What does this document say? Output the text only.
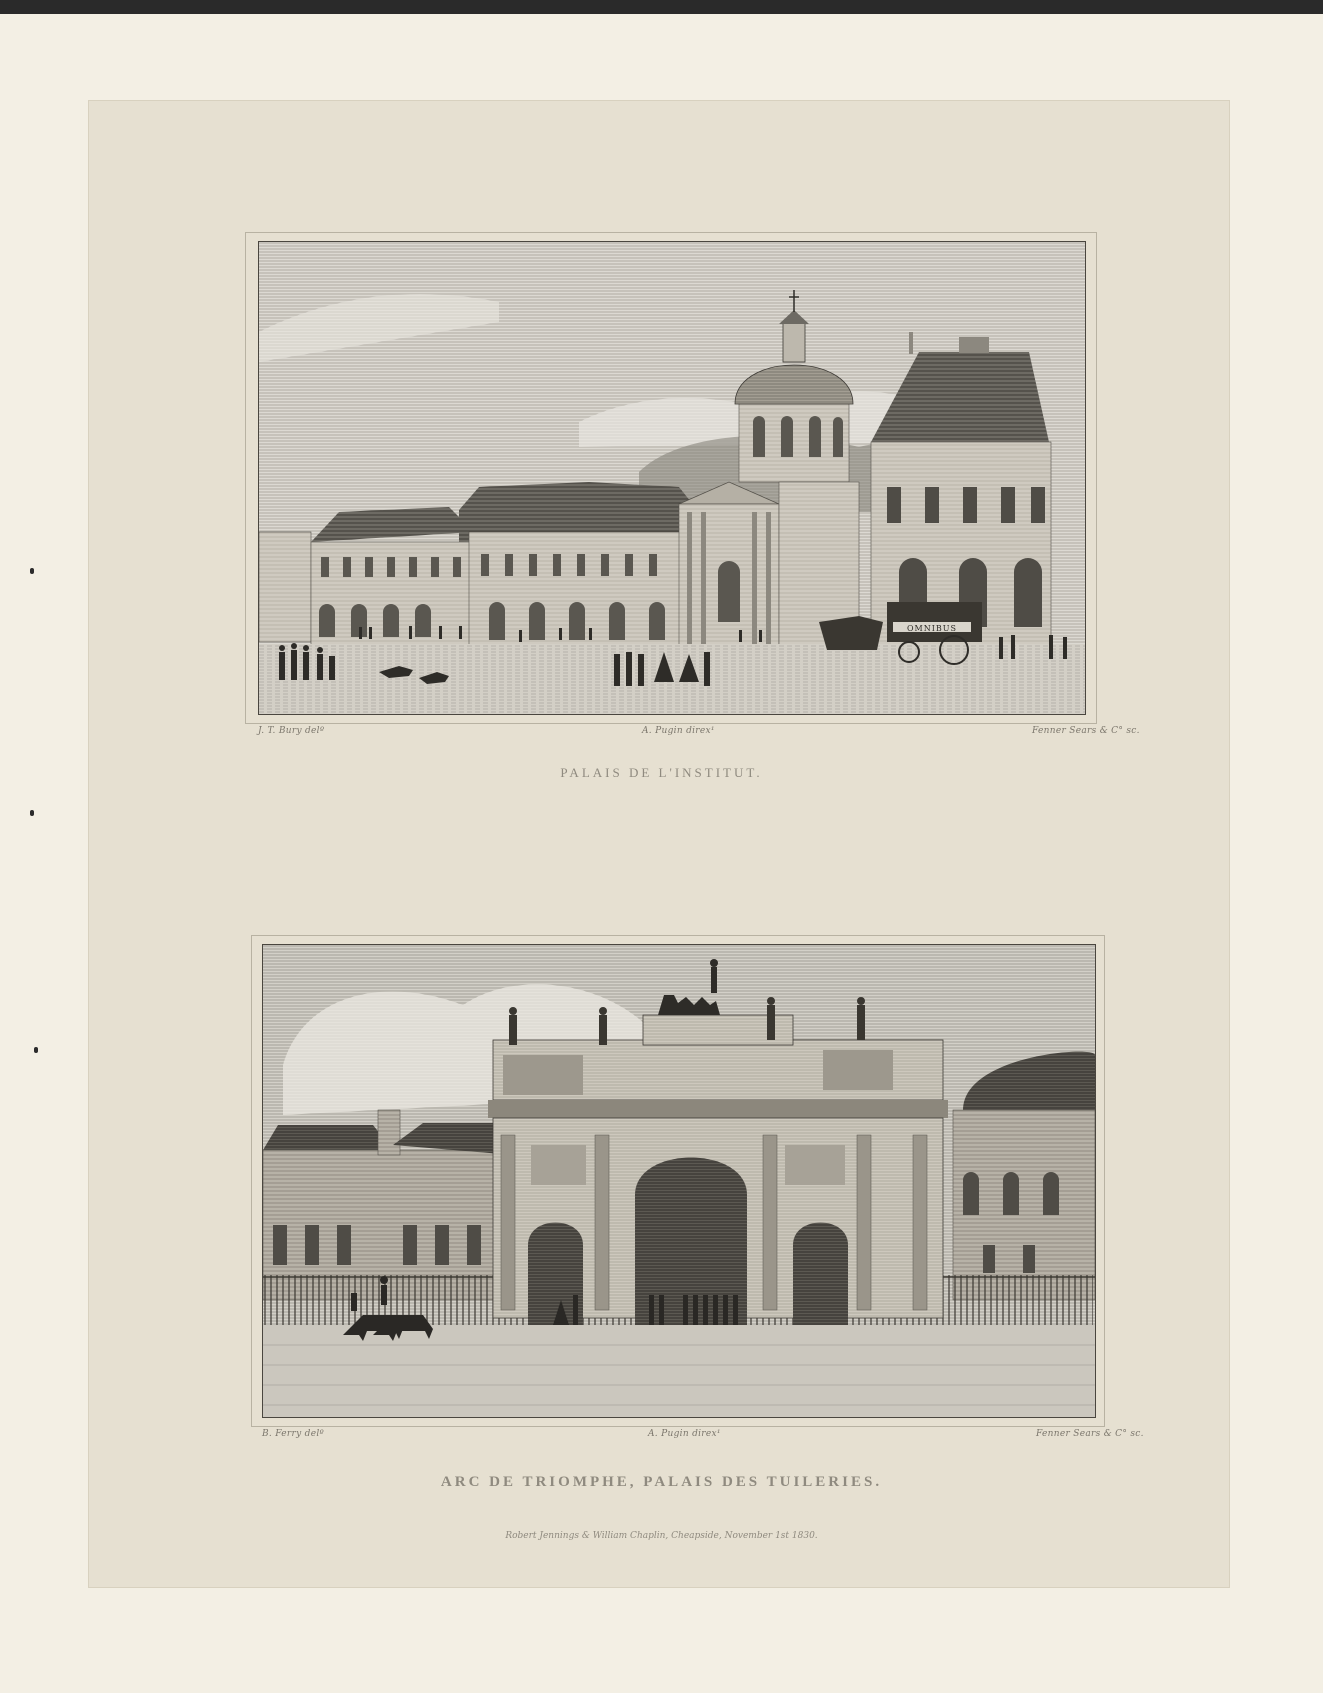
OMNIBUS
J. T. Bury delº	A. Pugin direx¹	Fenner Sears & C° sc.
PALAIS DE L'INSTITUT.
B. Ferry delº	A. Pugin direx¹	Fenner Sears & C° sc.
ARC DE TRIOMPHE, PALAIS DES TUILERIES.
Robert Jennings & William Chaplin, Cheapside, November 1st 1830.
